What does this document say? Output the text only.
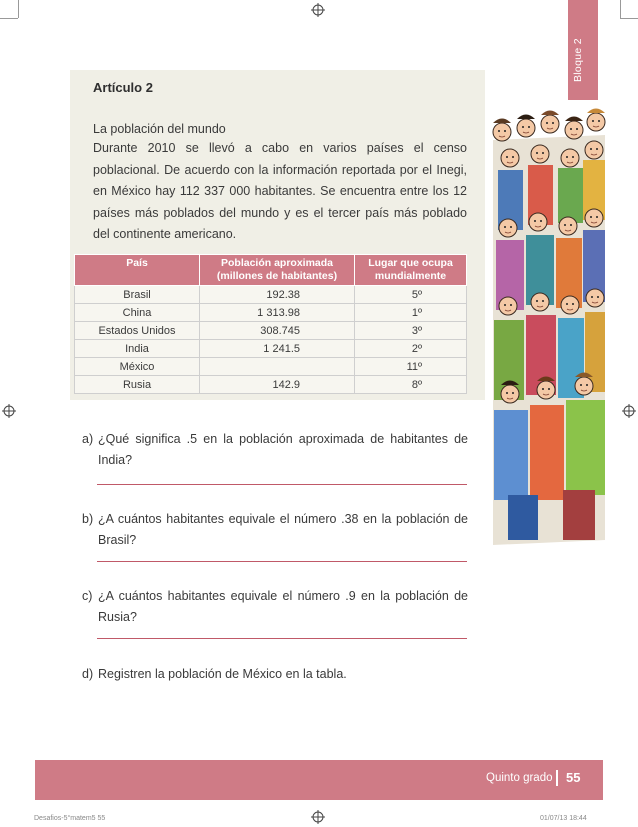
Bloque 2
Artículo 2
La población del mundo
Durante 2010 se llevó a cabo en varios países el censo poblacional. De acuerdo con la información reportada por el Inegi, en México hay 112 337 000 habitantes. Se encuentra entre los 12 países más poblados del mundo y es el tercer país más poblado del continente americano.
País	Población aproximada (millones de habitantes)	Lugar que ocupa mundialmente
Brasil	192.38	5º
China	1 313.98	1º
Estados Unidos	308.745	3º
India	1 241.5	2º
México		11º
Rusia	142.9	8º
a) ¿Qué significa .5 en la población aproximada de habitantes de India?
b) ¿A cuántos habitantes equivale el número .38 en la población de Brasil?
c) ¿A cuántos habitantes equivale el número .9 en la población de Rusia?
d) Registren la población de México en la tabla.
Quinto grado 55
Desafios-5°matem5 55	01/07/13 18:44
